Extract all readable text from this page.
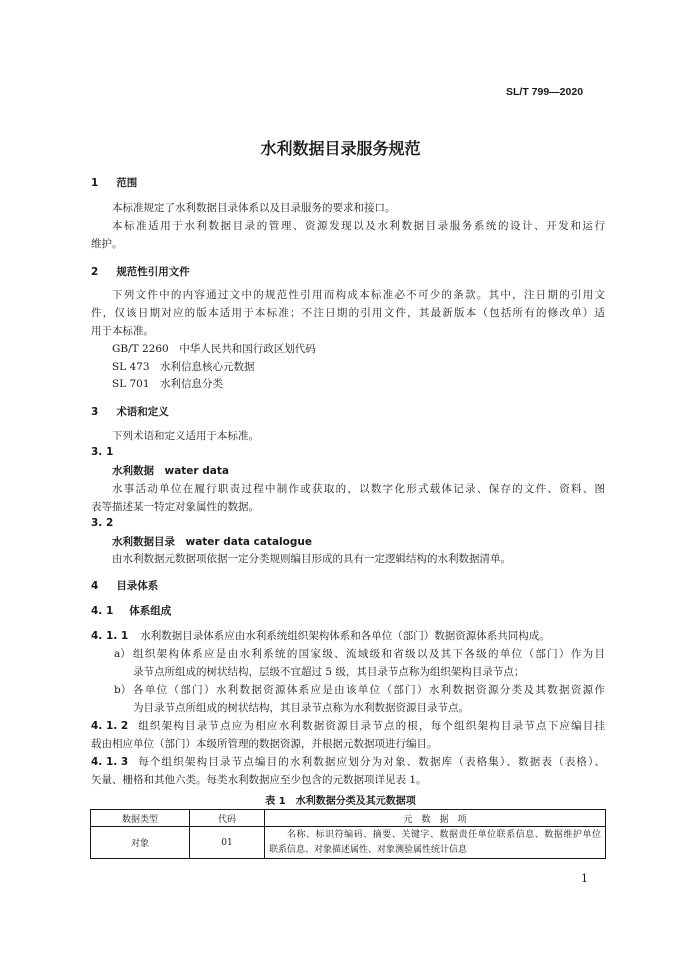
SL/T 799—2020
水利数据目录服务规范
1 范围
本标准规定了水利数据目录体系以及目录服务的要求和接口。
本标准适用于水利数据目录的管理、资源发现以及水利数据目录服务系统的设计、开发和运行
维护。
2 规范性引用文件
下列文件中的内容通过文中的规范性引用而构成本标准必不可少的条款。其中，注日期的引用文
件，仅该日期对应的版本适用于本标准；不注日期的引用文件，其最新版本（包括所有的修改单）适
用于本标准。
GB/T 2260　 中华人民共和国行政区划代码
SL 473　 水利信息核心元数据
SL 701　 水利信息分类
3 术语和定义
下列术语和定义适用于本标准。
3. 1
水利数据　water data
水事活动单位在履行职责过程中制作或获取的，以数字化形式载体记录、保存的文件、资料、图
表等描述某一特定对象属性的数据。
3. 2
水利数据目录　water data catalogue
由水利数据元数据项依据一定分类规则编目形成的具有一定逻辑结构的水利数据清单。
4 目录体系
4. 1 体系组成
4. 1. 1 水利数据目录体系应由水利系统组织架构体系和各单位（部门）数据资源体系共同构成。
a） 组织架构体系应是由水利系统的国家级、流域级和省级以及其下各级的单位（部门）作为目
录节点所组成的树状结构，层级不宜超过 5 级，其目录节点称为组织架构目录节点；
b） 各单位（部门）水利数据资源体系应是由该单位（部门）水利数据资源分类及其数据资源作
为目录节点所组成的树状结构，其目录节点称为水利数据资源目录节点。
4. 1. 2 组织架构目录节点应为相应水利数据资源目录节点的根，每个组织架构目录节点下应编目挂
载由相应单位（部门）本级所管理的数据资源，并根据元数据项进行编目。
4. 1. 3 每个组织架构目录节点编目的水利数据应划分为对象、数据库（表格集）、数据表（表格）、
矢量、栅格和其他六类。每类水利数据应至少包含的元数据项详见表 1。
表 1　水利数据分类及其元数据项
数据类型	代码	元　数　据　项
对象	01	名称、标识符编码、摘要、关键字、数据责任单位联系信息、数据维护单位
联系信息、对象描述属性、对象测验属性统计信息
1
